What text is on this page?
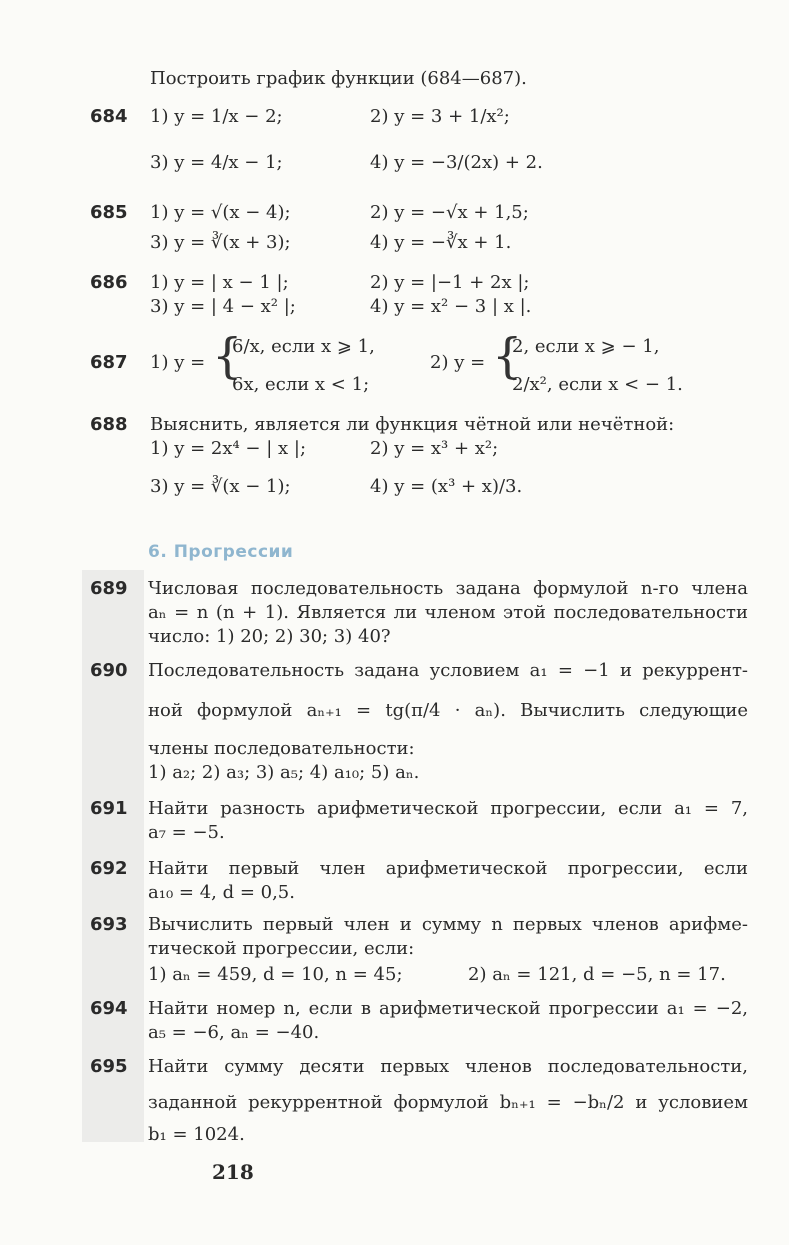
Построить график функции (684—687).
684 1) y = 1/x − 2;	2) y = 3 + 1/x²;
3) y = 4/x − 1;	4) y = −3/(2x) + 2.
685 1) y = √(x − 4);	2) y = −√x + 1,5;
3) y = ∛(x + 3);	4) y = −∛x + 1.
686 1) y = | x − 1 |;	2) y = |−1 + 2x |;
3) y = | 4 − x² |;	4) y = x² − 3 | x |.
687 1) y = {
6/x, если x ⩾ 1,
6x, если x < 1;
2) y = {
2, если x ⩾ − 1,
2/x², если x < − 1.
688 Выяснить, является ли функция чётной или нечётной:
1) y = 2x⁴ − | x |;	2) y = x³ + x²;
3) y = ∛(x − 1);	4) y = (x³ + x)/3.
6. Прогрессии
689 Числовая последовательность задана формулой n-го члена
aₙ = n (n + 1). Является ли членом этой последовательности
число: 1) 20; 2) 30; 3) 40?
690 Последовательность задана условием a₁ = −1 и рекуррент-
ной формулой aₙ₊₁ = tg(π/4 · aₙ). Вычислить следующие
члены последовательности:
1) a₂; 2) a₃; 3) a₅; 4) a₁₀; 5) aₙ.
691 Найти разность арифметической прогрессии, если a₁ = 7,
a₇ = −5.
692 Найти первый член арифметической прогрессии, если
a₁₀ = 4, d = 0,5.
693 Вычислить первый член и сумму n первых членов арифме-
тической прогрессии, если:
1) aₙ = 459, d = 10, n = 45;	2) aₙ = 121, d = −5, n = 17.
694 Найти номер n, если в арифметической прогрессии a₁ = −2,
a₅ = −6, aₙ = −40.
695 Найти сумму десяти первых членов последовательности,
заданной рекуррентной формулой bₙ₊₁ = −bₙ/2 и условием
b₁ = 1024.
218
